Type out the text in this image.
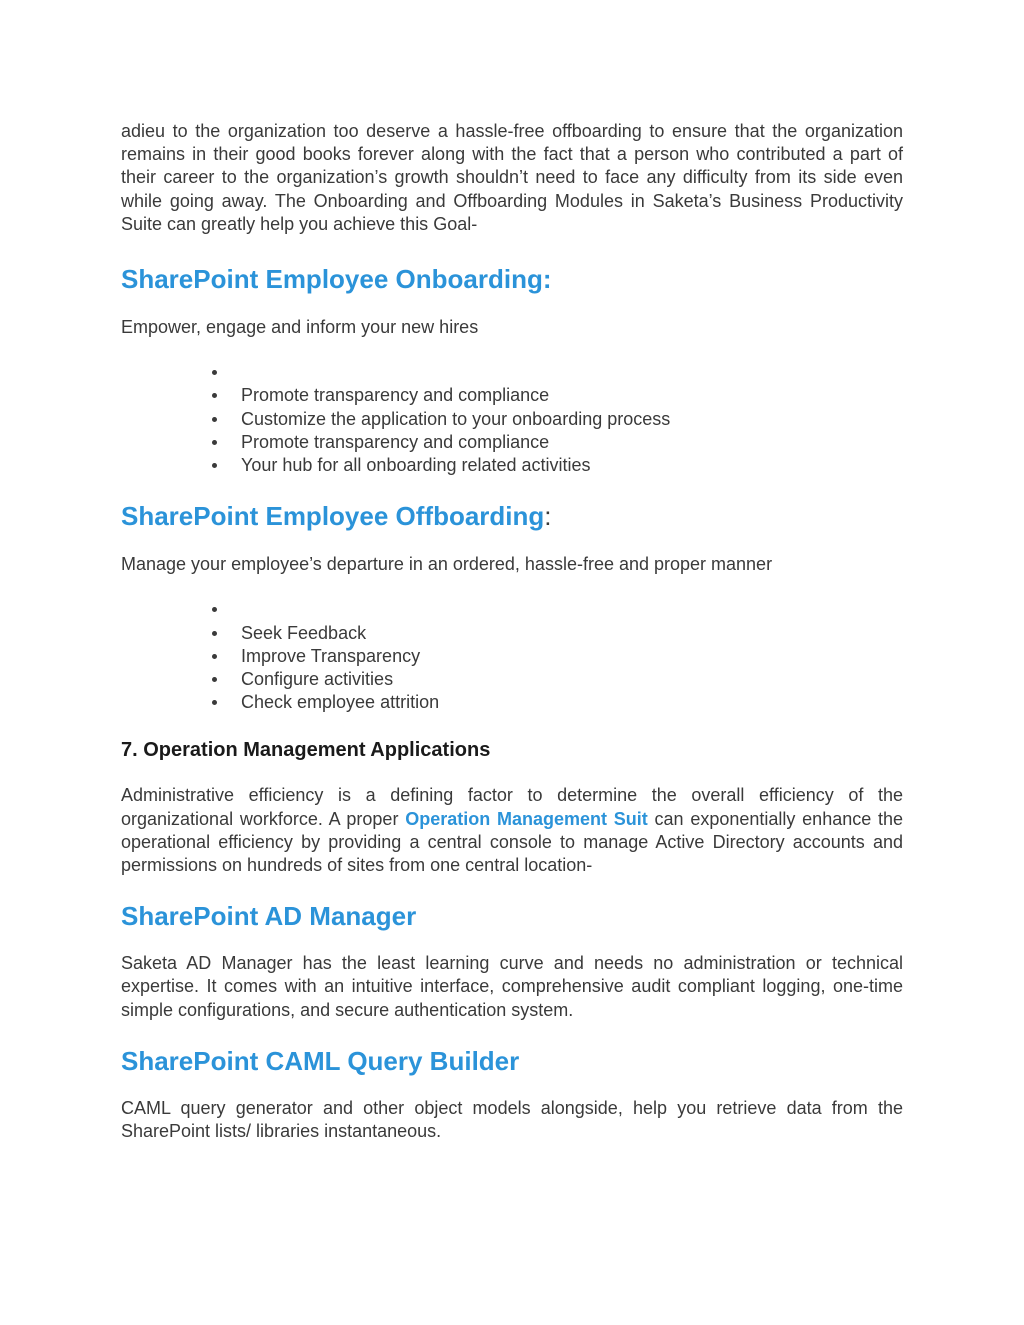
adieu to the organization too deserve a hassle-free offboarding to ensure that the organization remains in their good books forever along with the fact that a person who contributed a part of their career to the organization’s growth shouldn’t need to face any difficulty from its side even while going away. The Onboarding and Offboarding Modules in Saketa’s Business Productivity Suite can greatly help you achieve this Goal-

SharePoint Employee Onboarding:

Empower, engage and inform your new hires

Promote transparency and compliance
Customize the application to your onboarding process
Promote transparency and compliance
Your hub for all onboarding related activities
SharePoint Employee Offboarding:

Manage your employee’s departure in an ordered, hassle-free and proper manner

Seek Feedback
Improve Transparency
Configure activities
Check employee attrition
7. Operation Management Applications

Administrative efficiency is a defining factor to determine the overall efficiency of the organizational workforce. A proper Operation Management Suit can exponentially enhance the operational efficiency by providing a central console to manage Active Directory accounts and permissions on hundreds of sites from one central location-

SharePoint AD Manager

Saketa AD Manager has the least learning curve and needs no administration or technical expertise. It comes with an intuitive interface, comprehensive audit compliant logging, one-time simple configurations, and secure authentication system.

SharePoint CAML Query Builder

CAML query generator and other object models alongside, help you retrieve data from the SharePoint lists/ libraries instantaneous.
